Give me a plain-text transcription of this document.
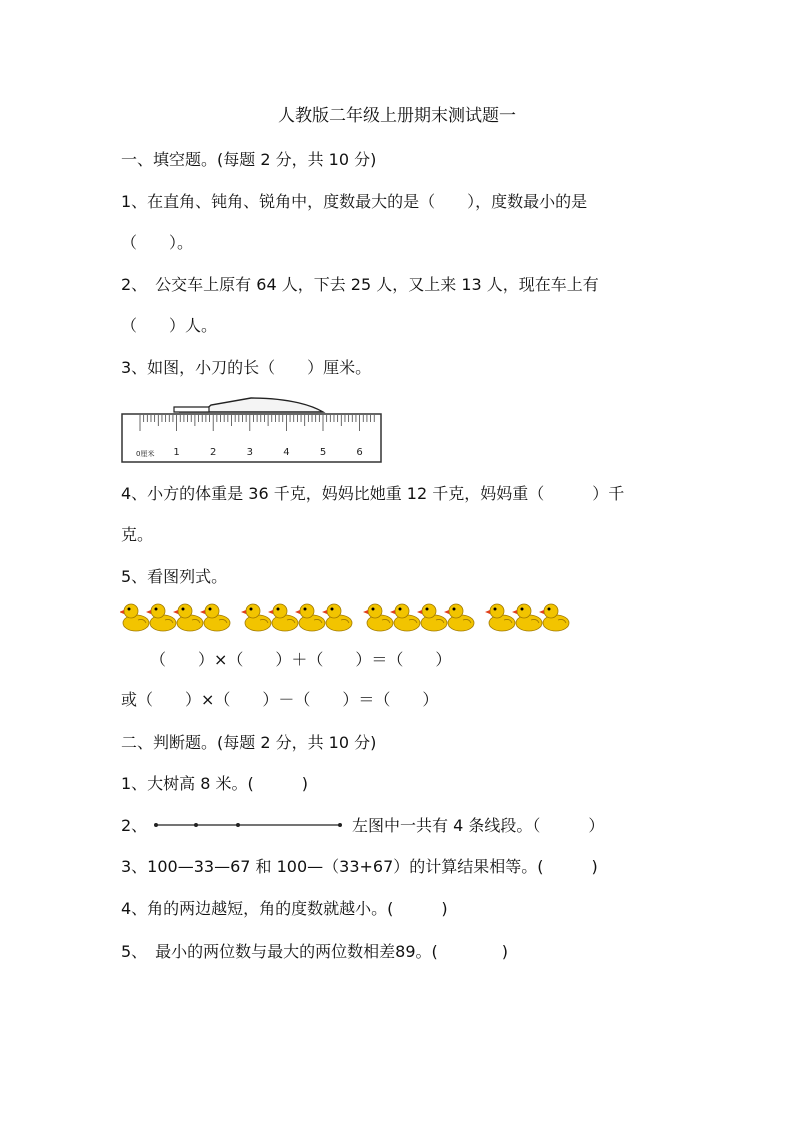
人教版二年级上册期末测试题一
一、填空题。(每题 2 分，共 10 分)
1、在直角、钝角、锐角中，度数最大的是（　　），度数最小的是
（　　）。
2、　公交车上原有 64 人，下去 25 人，又上来 13 人，现在车上有
（　　）人。
3、如图，小刀的长（　　）厘米。
0厘米 1	2	3	4	5	6
4、小方的体重是 36 千克，妈妈比她重 12 千克，妈妈重（　　　）千
克。
5、看图列式。
（　　）×（　　）＋（　　）＝（　　）
或（　　）×（　　）－（　　）＝（　　）
二、判断题。(每题 2 分，共 10 分)
1、大树高 8 米。(　　　)
2、	左图中一共有 4 条线段。（　　　）
3、100—33—67 和 100—（33+67）的计算结果相等。(　　　)
4、角的两边越短，角的度数就越小。(　　　)
5、　最小的两位数与最大的两位数相差89。(　　　　)
